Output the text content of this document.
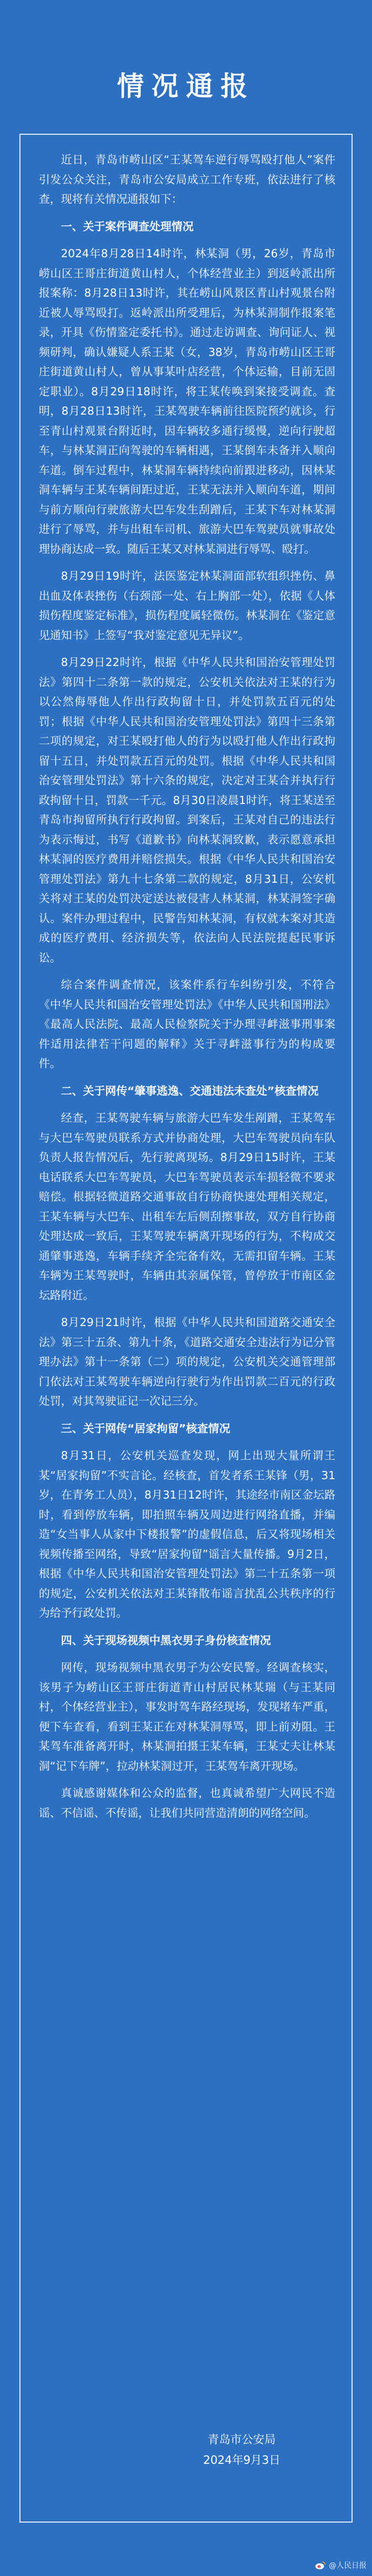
情况通报

近日，青岛市崂山区“王某驾车逆行辱骂殴打他人”案件引发公众关注，青岛市公安局成立工作专班，依法进行了核查，现将有关情况通报如下：

一、关于案件调查处理情况

2024年8月28日14时许，林某洞（男，26岁，青岛市崂山区王哥庄街道黄山村人，个体经营业主）到返岭派出所报案称：8月28日13时许，其在崂山风景区青山村观景台附近被人辱骂殴打。返岭派出所受理后，为林某洞制作报案笔录，开具《伤情鉴定委托书》。通过走访调查、询问证人、视频研判，确认嫌疑人系王某（女，38岁，青岛市崂山区王哥庄街道黄山村人，曾从事某叶店经营，个体运输，目前无固定职业）。8月29日18时许，将王某传唤到案接受调查。查明，8月28日13时许，王某驾驶车辆前往医院预约就诊，行至青山村观景台附近时，因车辆较多通行缓慢，逆向行驶超车，与林某洞正向驾驶的车辆相遇，王某倒车未备并入顺向车道。倒车过程中，林某洞车辆持续向前跟进移动，因林某洞车辆与王某车辆间距过近，王某无法并入顺向车道，期间与前方顺向行驶旅游大巴车发生刮蹭后，王某下车对林某洞进行了辱骂，并与出租车司机、旅游大巴车驾驶员就事故处理协商达成一致。随后王某又对林某洞进行辱骂、殴打。

8月29日19时许，法医鉴定林某洞面部软组织挫伤、鼻出血及体表挫伤（右颈部一处、右上胸部一处），依据《人体损伤程度鉴定标准》，损伤程度属轻微伤。林某洞在《鉴定意见通知书》上签写“我对鉴定意见无异议”。

8月29日22时许，根据《中华人民共和国治安管理处罚法》第四十二条第一款的规定，公安机关依法对王某的行为以公然侮辱他人作出行政拘留十日，并处罚款五百元的处罚；根据《中华人民共和国治安管理处罚法》第四十三条第二项的规定，对王某殴打他人的行为以殴打他人作出行政拘留十五日，并处罚款五百元的处罚。根据《中华人民共和国治安管理处罚法》第十六条的规定，决定对王某合并执行行政拘留十日，罚款一千元。8月30日凌晨1时许，将王某送至青岛市拘留所执行行政拘留。到案后，王某对自己的违法行为表示悔过，书写《道歉书》向林某洞致歉，表示愿意承担林某洞的医疗费用并赔偿损失。根据《中华人民共和国治安管理处罚法》第九十七条第二款的规定，8月31日，公安机关将对王某的处罚决定送达被侵害人林某洞，林某洞签字确认。案件办理过程中，民警告知林某洞，有权就本案对其造成的医疗费用、经济损失等，依法向人民法院提起民事诉讼。

综合案件调查情况，该案件系行车纠纷引发，不符合《中华人民共和国治安管理处罚法》《中华人民共和国刑法》《最高人民法院、最高人民检察院关于办理寻衅滋事刑事案件适用法律若干问题的解释》关于寻衅滋事行为的构成要件。

二、关于网传“肇事逃逸、交通违法未查处”核查情况

经查，王某驾驶车辆与旅游大巴车发生剐蹭，王某驾车与大巴车驾驶员联系方式并协商处理，大巴车驾驶员向车队负责人报告情况后，先行驶离现场。8月29日15时许，王某电话联系大巴车驾驶员，大巴车驾驶员表示车损轻微不要求赔偿。根据轻微道路交通事故自行协商快速处理相关规定，王某车辆与大巴车、出租车左后侧刮擦事故，双方自行协商处理达成一致后，王某驾驶车辆离开现场的行为，不构成交通肇事逃逸，车辆手续齐全完备有效，无需扣留车辆。王某车辆为王某驾驶时，车辆由其亲属保管，曾停放于市南区金坛路附近。

8月29日21时许，根据《中华人民共和国道路交通安全法》第三十五条、第九十条，《道路交通安全违法行为记分管理办法》第十一条第（二）项的规定，公安机关交通管理部门依法对王某驾驶车辆逆向行驶行为作出罚款二百元的行政处罚，对其驾驶证记一次记三分。

三、关于网传“居家拘留”核查情况

8月31日，公安机关巡查发现，网上出现大量所谓王某“居家拘留”不实言论。经核查，首发者系王某锋（男，31岁，在青务工人员），8月31日12时许，其途经市南区金坛路时，看到停放车辆，即拍照车辆及周边进行网络直播，并编造“女当事人从家中下楼报警”的虚假信息，后又将现场相关视频传播至网络，导致“居家拘留”谣言大量传播。9月2日，根据《中华人民共和国治安管理处罚法》第二十五条第一项的规定，公安机关依法对王某锋散布谣言扰乱公共秩序的行为给予行政处罚。

四、关于现场视频中黑衣男子身份核查情况

网传，现场视频中黑衣男子为公安民警。经调查核实，该男子为崂山区王哥庄街道青山村居民林某瑞（与王某同村，个体经营业主），事发时驾车路经现场，发现堵车严重，便下车查看，看到王某正在对林某洞辱骂，即上前劝阻。王某驾车准备离开时，林某洞拍摄王某车辆，王某丈夫让林某洞“记下车牌”，拉动林某洞过开，王某驾车离开现场。

真诚感谢媒体和公众的监督，也真诚希望广大网民不造谣、不信谣、不传谣，让我们共同营造清朗的网络空间。

青岛市公安局
2024年9月3日
@人民日报
